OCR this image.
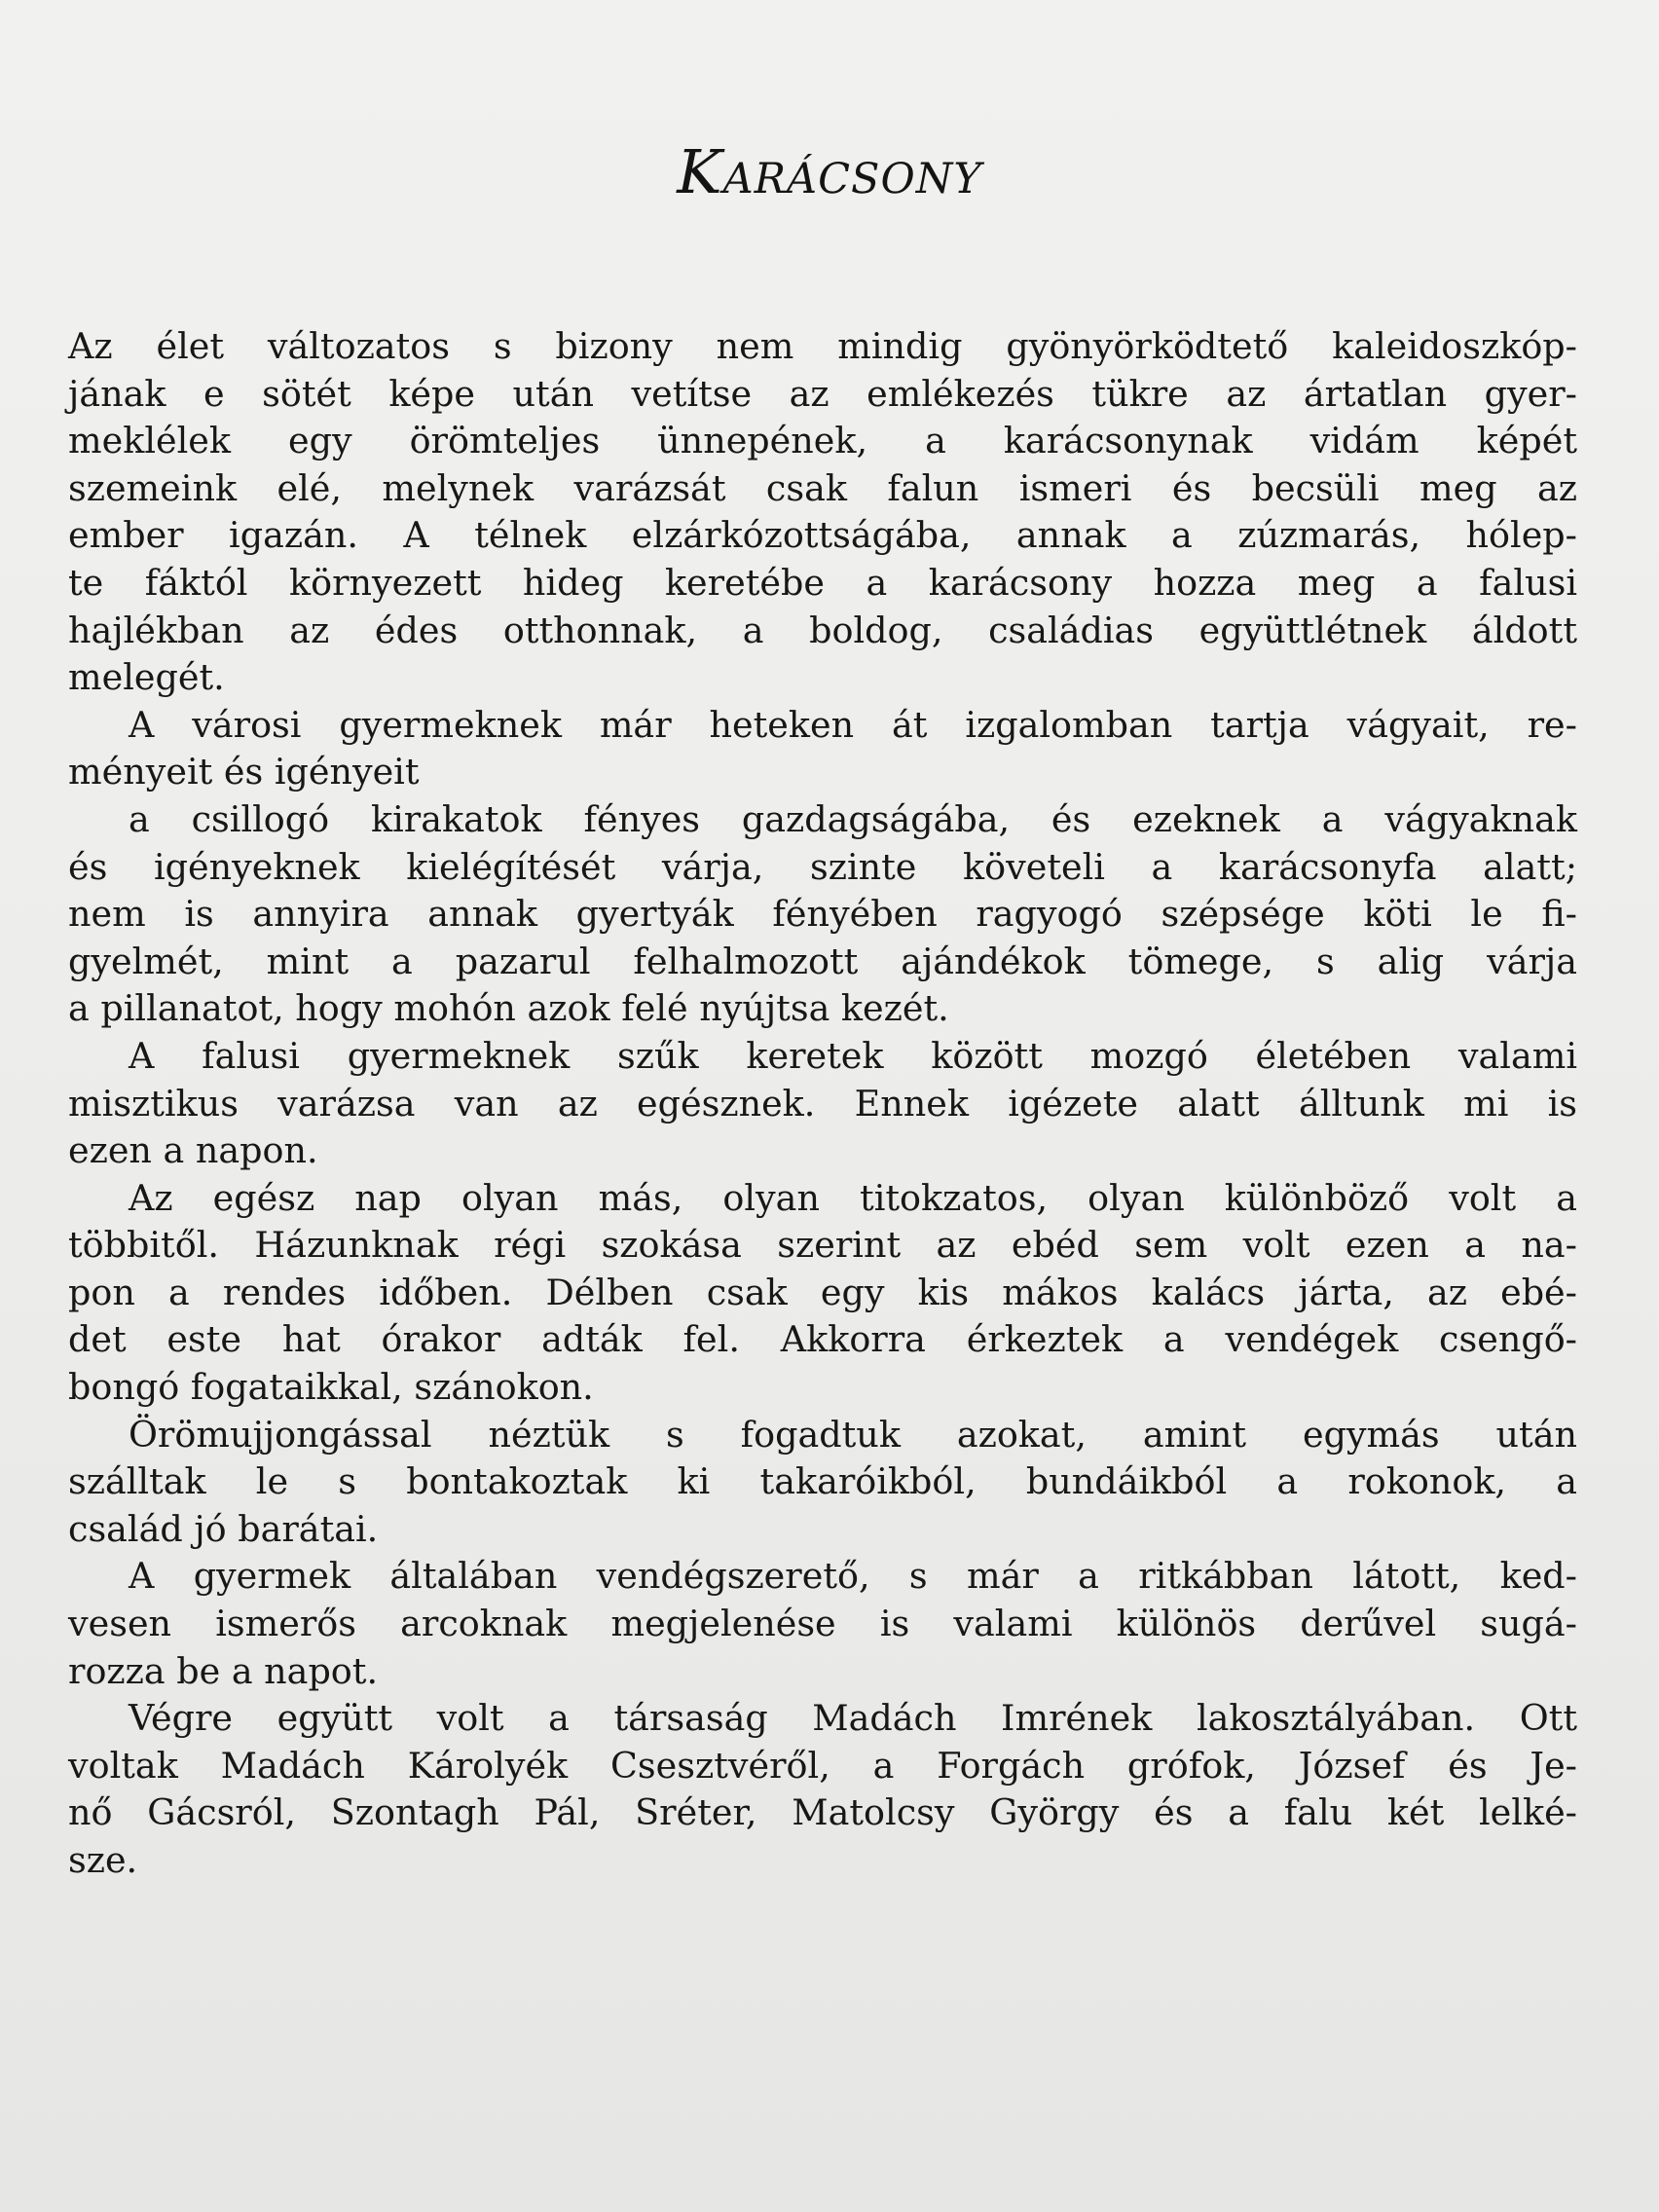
Karácsony
Az élet változatos s bizony nem mindig gyönyörködtető kaleidoszkóp-
jának e sötét képe után vetítse az emlékezés tükre az ártatlan gyer-
meklélek egy örömteljes ünnepének, a karácsonynak vidám képét
szemeink elé, melynek varázsát csak falun ismeri és becsüli meg az
ember igazán. A télnek elzárkózottságába, annak a zúzmarás, hólep-
te fáktól környezett hideg keretébe a karácsony hozza meg a falusi
hajlékban az édes otthonnak, a boldog, családias együttlétnek áldott
melegét.
A városi gyermeknek már heteken át izgalomban tartja vágyait, re-
ményeit és igényeit
a csillogó kirakatok fényes gazdagságába, és ezeknek a vágyaknak
és igényeknek kielégítését várja, szinte követeli a karácsonyfa alatt;
nem is annyira annak gyertyák fényében ragyogó szépsége köti le fi-
gyelmét, mint a pazarul felhalmozott ajándékok tömege, s alig várja
a pillanatot, hogy mohón azok felé nyújtsa kezét.
A falusi gyermeknek szűk keretek között mozgó életében valami
misztikus varázsa van az egésznek. Ennek igézete alatt álltunk mi is
ezen a napon.
Az egész nap olyan más, olyan titokzatos, olyan különböző volt a
többitől. Házunknak régi szokása szerint az ebéd sem volt ezen a na-
pon a rendes időben. Délben csak egy kis mákos kalács járta, az ebé-
det este hat órakor adták fel. Akkorra érkeztek a vendégek csengő-
bongó fogataikkal, szánokon.
Örömujjongással néztük s fogadtuk azokat, amint egymás után
szálltak le s bontakoztak ki takaróikból, bundáikból a rokonok, a
család jó barátai.
A gyermek általában vendégszerető, s már a ritkábban látott, ked-
vesen ismerős arcoknak megjelenése is valami különös derűvel sugá-
rozza be a napot.
Végre együtt volt a társaság Madách Imrének lakosztályában. Ott
voltak Madách Károlyék Csesztvéről, a Forgách grófok, József és Je-
nő Gácsról, Szontagh Pál, Sréter, Matolcsy György és a falu két lelké-
sze.
